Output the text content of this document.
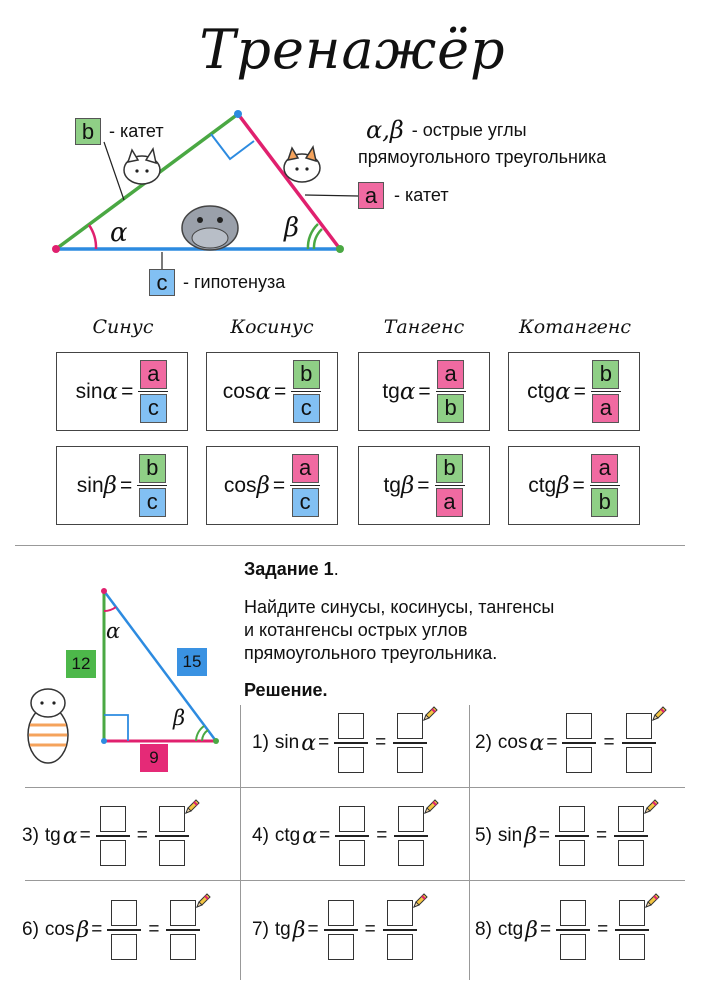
Тренажёр
α	β
b - катет
a - катет
c - гипотенуза
α,β - острые углы
прямоугольного треугольника
Синус	Косинус	Тангенс	Котангенс
$\sin \alpha = \frac{a}{c}$	$\cos \alpha = \frac{b}{c}$	tg $\alpha = \frac{a}{b}$	ctg $\alpha = \frac{b}{a}$
$\sin \beta = \frac{b}{c}$	$\cos \beta = \frac{a}{c}$	tg $\beta = \frac{b}{a}$	ctg $\beta = \frac{a}{b}$
α
β
12	15
9
Задание 1.
Найдите синусы, косинусы, тангенсы
и котангенсы острых углов
прямоугольного треугольника.
Решение.
1) sin α = =	2) cos α = =
3) tg α = =	4) ctg α = =	5) sin β = =
6) cos β = =	7) tg β = =	8) ctg β = =
